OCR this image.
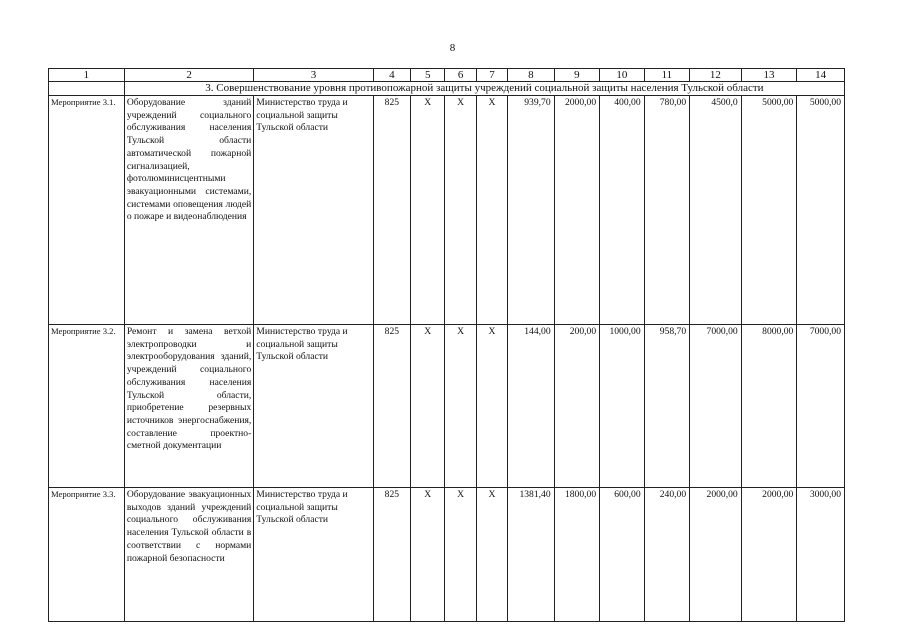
8
1	2	3	4	5	6	7	8	9	10	11	12	13	14
	3. Совершенствование уровня противопожарной защиты учреждений социальной защиты населения Тульской области												
Мероприятие 3.1.	Оборудование зданий учреждений социального обслуживания населения Тульской области автоматической пожарной сигнализацией, фотолюминисцентными эвакуационными системами, системами оповещения людей о пожаре и видеонаблюдения	Министерство труда и социальной защиты Тульской области	825	X	X	X	939,70	2000,00	400,00	780,00	4500,0	5000,00	5000,00
Мероприятие 3.2.	Ремонт и замена ветхой электропроводки и электрооборудования зданий, учреждений социального обслуживания населения Тульской области, приобретение резервных источников энергоснабжения, составление проектно-сметной документации	Министерство труда и социальной защиты Тульской области	825	X	X	X	144,00	200,00	1000,00	958,70	7000,00	8000,00	7000,00
Мероприятие 3.3.	Оборудование эвакуационных выходов зданий учреждений социального обслуживания населения Тульской области в соответствии с нормами пожарной безопасности	Министерство труда и социальной защиты Тульской области	825	X	X	X	1381,40	1800,00	600,00	240,00	2000,00	2000,00	3000,00
